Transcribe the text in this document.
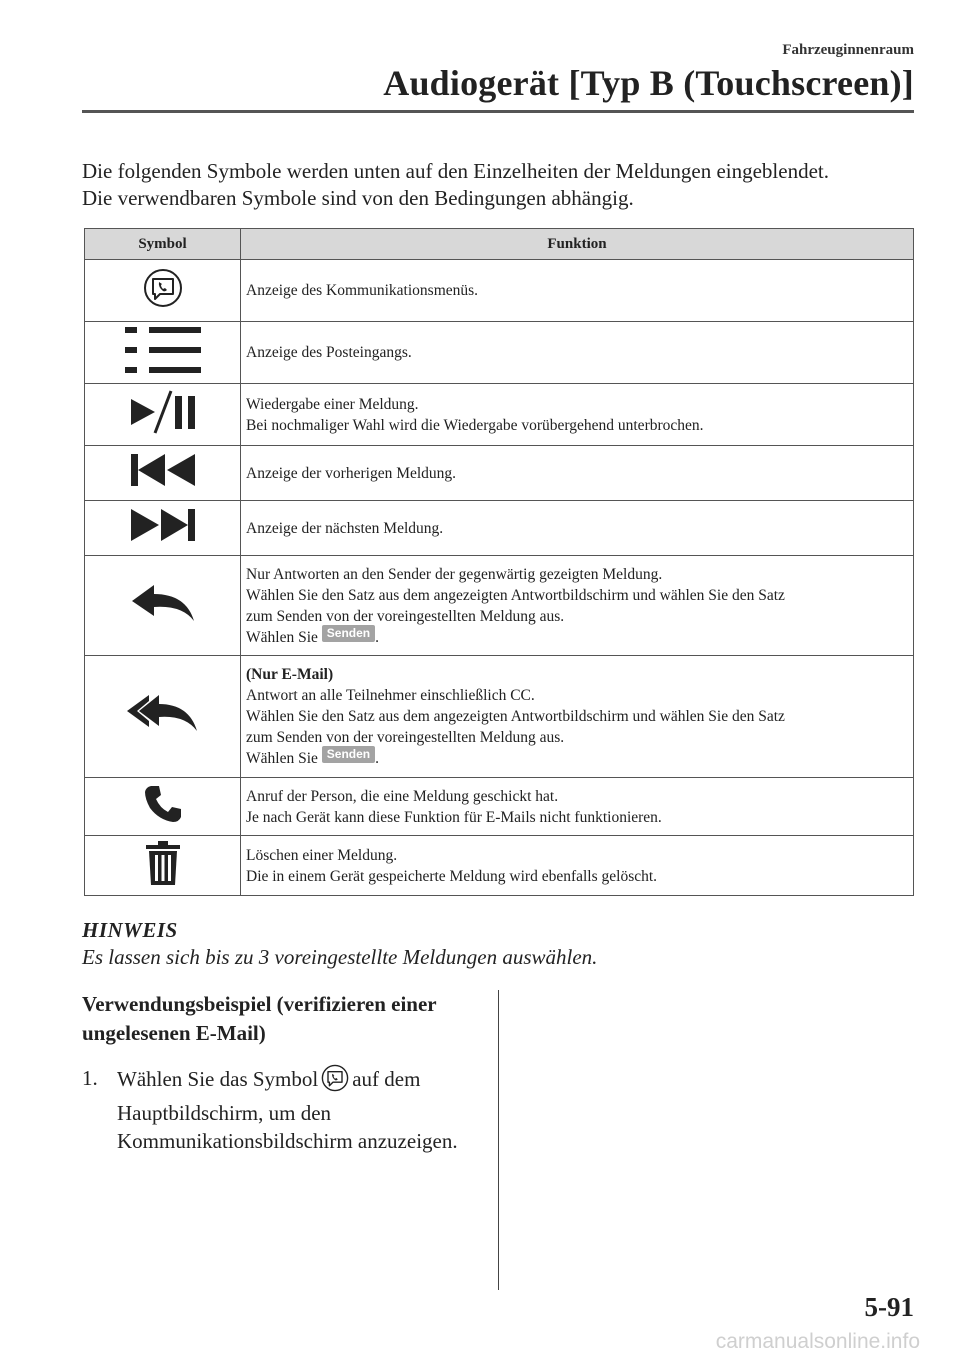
Fahrzeuginnenraum
Audiogerät [Typ B (Touchscreen)]

Die folgenden Symbole werden unten auf den Einzelheiten der Meldungen eingeblendet.

Die verwendbaren Symbole sind von den Bedingungen abhängig.

Symbol	Funktion

Anzeige des Kommunikationsmenüs.

Anzeige des Posteingangs.

Wiedergabe einer Meldung.
Bei nochmaliger Wahl wird die Wiedergabe vorübergehend unterbrochen.

Anzeige der vorherigen Meldung.

Anzeige der nächsten Meldung.

Nur Antworten an den Sender der gegenwärtig gezeigten Meldung.
Wählen Sie den Satz aus dem angezeigten Antwortbildschirm und wählen Sie den Satz
zum Senden von der voreingestellten Meldung aus.
Wählen Sie Senden .

(Nur E-Mail)
Antwort an alle Teilnehmer einschließlich CC.
Wählen Sie den Satz aus dem angezeigten Antwortbildschirm und wählen Sie den Satz
zum Senden von der voreingestellten Meldung aus.
Wählen Sie Senden .

Anruf der Person, die eine Meldung geschickt hat.
Je nach Gerät kann diese Funktion für E-Mails nicht funktionieren.

Löschen einer Meldung.
Die in einem Gerät gespeicherte Meldung wird ebenfalls gelöscht.
HINWEIS
Es lassen sich bis zu 3 voreingestellte Meldungen auswählen.
Verwendungsbeispiel (verifizieren einer ungelesenen E-Mail)
1. Wählen Sie das Symbol auf dem Hauptbildschirm, um den Kommunikationsbildschirm anzuzeigen.
5-91
carmanualsonline.info
